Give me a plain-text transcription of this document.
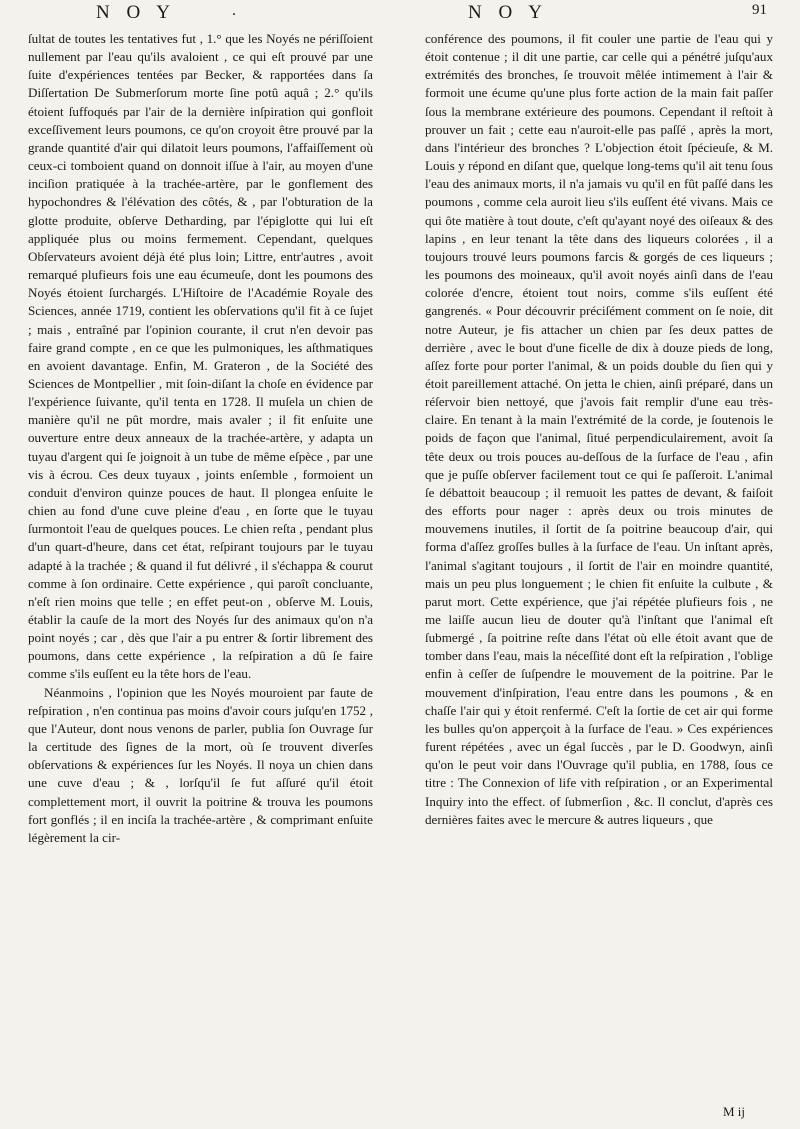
N O Y	.	N O Y	91

ſultat de toutes les tentatives fut , 1.° que les Noyés ne périſſoient nullement par l'eau qu'ils avaloient , ce qui eſt prouvé par une ſuite d'expériences tentées par Becker, & rapportées dans ſa Diſſertation De Submerſorum morte ſine potû aquâ ; 2.° qu'ils étoient ſuffoqués par l'air de la dernière inſpiration qui gonfloit exceſſivement leurs poumons, ce qu'on croyoit être prouvé par la grande quantité d'air qui dilatoit leurs poumons, l'affaiſſement où ceux-ci tomboient quand on donnoit iſſue à l'air, au moyen d'une inciſion pratiquée à la trachée-artère, par le gonflement des hypochondres & l'élévation des côtés, & , par l'obturation de la glotte produite, obſerve Detharding, par l'épiglotte qui lui eſt appliquée plus ou moins fermement. Cependant, quelques Obſervateurs avoient déjà été plus loin; Littre, entr'autres , avoit remarqué plufieurs fois une eau écumeuſe, dont les poumons des Noyés étoient ſurchargés. L'Hiſtoire de l'Académie Royale des Sciences, année 1719, contient les obſervations qu'il fit à ce ſujet ; mais , entraîné par l'opinion courante, il crut n'en devoir pas faire grand compte , en ce que les pulmoniques, les aſthmatiques en avoient davantage. Enfin, M. Grateron , de la Société des Sciences de Montpellier , mit ſoin-diſant la choſe en évidence par l'expérience ſuivante, qu'il tenta en 1728. Il muſela un chien de manière qu'il ne pût mordre, mais avaler ; il fit enſuite une ouverture entre deux anneaux de la trachée-artère, y adapta un tuyau d'argent qui ſe joignoit à un tube de même eſpèce , par une vis à écrou. Ces deux tuyaux , joints enſemble , formoient un conduit d'environ quinze pouces de haut. Il plongea enſuite le chien au fond d'une cuve pleine d'eau , en ſorte que le tuyau ſurmontoit l'eau de quelques pouces. Le chien reſta , pendant plus d'un quart-d'heure, dans cet état, reſpirant toujours par le tuyau adapté à la trachée ; & quand il fut délivré , il s'échappa & courut comme à ſon ordinaire. Cette expérience , qui paroît concluante, n'eſt rien moins que telle ; en effet peut-on , obſerve M. Louis, établir la cauſe de la mort des Noyés ſur des animaux qu'on n'a point noyés ; car , dès que l'air a pu entrer & ſortir librement des poumons, dans cette expérience , la reſpiration a dû ſe faire comme s'ils euſſent eu la tête hors de l'eau.

Néanmoins , l'opinion que les Noyés mouroient par faute de reſpiration , n'en continua pas moins d'avoir cours juſqu'en 1752 , que l'Auteur, dont nous venons de parler, publia ſon Ouvrage ſur la certitude des ſignes de la mort, où ſe trouvent diverſes obſervations & expériences ſur les Noyés. Il noya un chien dans une cuve d'eau ; & , lorſqu'il ſe fut aſſuré qu'il étoit complettement mort, il ouvrit la poitrine & trouva les poumons fort gonflés ; il en inciſa la trachée-artère , & comprimant enſuite légèrement la cir-

conférence des poumons, il fit couler une partie de l'eau qui y étoit contenue ; il dit une partie, car celle qui a pénétré juſqu'aux extrémités des bronches, ſe trouvoit mêlée intimement à l'air & formoit une écume qu'une plus forte action de la main fait paſſer ſous la membrane extérieure des poumons. Cependant il reſtoit à prouver un fait ; cette eau n'auroit-elle pas paſſé , après la mort, dans l'intérieur des bronches ? L'objection étoit ſpécieuſe, & M. Louis y répond en diſant que, quelque long-tems qu'il ait tenu ſous l'eau des animaux morts, il n'a jamais vu qu'il en fût paſſé dans les poumons , comme cela auroit lieu s'ils euſſent été vivans. Mais ce qui ôte matière à tout doute, c'eſt qu'ayant noyé des oiſeaux & des lapins , en leur tenant la tête dans des liqueurs colorées , il a toujours trouvé leurs poumons farcis & gorgés de ces liqueurs ; les poumons des moineaux, qu'il avoit noyés ainſi dans de l'eau colorée d'encre, étoient tout noirs, comme s'ils euſſent été gangrenés. « Pour découvrir préciſément comment on ſe noie, dit notre Auteur, je fis attacher un chien par ſes deux pattes de derrière , avec le bout d'une ficelle de dix à douze pieds de long, aſſez forte pour porter l'animal, & un poids double du ſien qui y étoit pareillement attaché. On jetta le chien, ainſi préparé, dans un réſervoir bien nettoyé, que j'avois fait remplir d'une eau très-claire. En tenant à la main l'extrémité de la corde, je ſoutenois le poids de façon que l'animal, ſitué perpendiculairement, avoit ſa tête deux ou trois pouces au-deſſous de la ſurface de l'eau , afin que je puſſe obſerver facilement tout ce qui ſe paſſeroit. L'animal ſe débattoit beaucoup ; il remuoit les pattes de devant, & faiſoit des efforts pour nager : après deux ou trois minutes de mouvemens inutiles, il ſortit de ſa poitrine beaucoup d'air, qui forma d'aſſez groſſes bulles à la ſurface de l'eau. Un inſtant après, l'animal s'agitant toujours , il ſortit de l'air en moindre quantité, mais un peu plus longuement ; le chien fit enſuite la culbute , & parut mort. Cette expérience, que j'ai répétée plufieurs fois , ne me laiſſe aucun lieu de douter qu'à l'inſtant que l'animal eſt ſubmergé , ſa poitrine reſte dans l'état où elle étoit avant que de tomber dans l'eau, mais la néceſſité dont eſt la reſpiration , l'oblige enfin à ceſſer de ſuſpendre le mouvement de la poitrine. Par le mouvement d'inſpiration, l'eau entre dans les poumons , & en chaſſe l'air qui y étoit renfermé. C'eſt la ſortie de cet air qui forme les bulles qu'on apperçoit à la ſurface de l'eau. » Ces expériences furent répétées , avec un égal ſuccès , par le D. Goodwyn, ainſi qu'on le peut voir dans l'Ouvrage qu'il publia, en 1788, ſous ce titre : The Connexion of life vith reſpiration , or an Experimental Inquiry into the effect. of ſubmerſion , &c. Il conclut, d'après ces dernières faites avec le mercure & autres liqueurs , que

M ij
